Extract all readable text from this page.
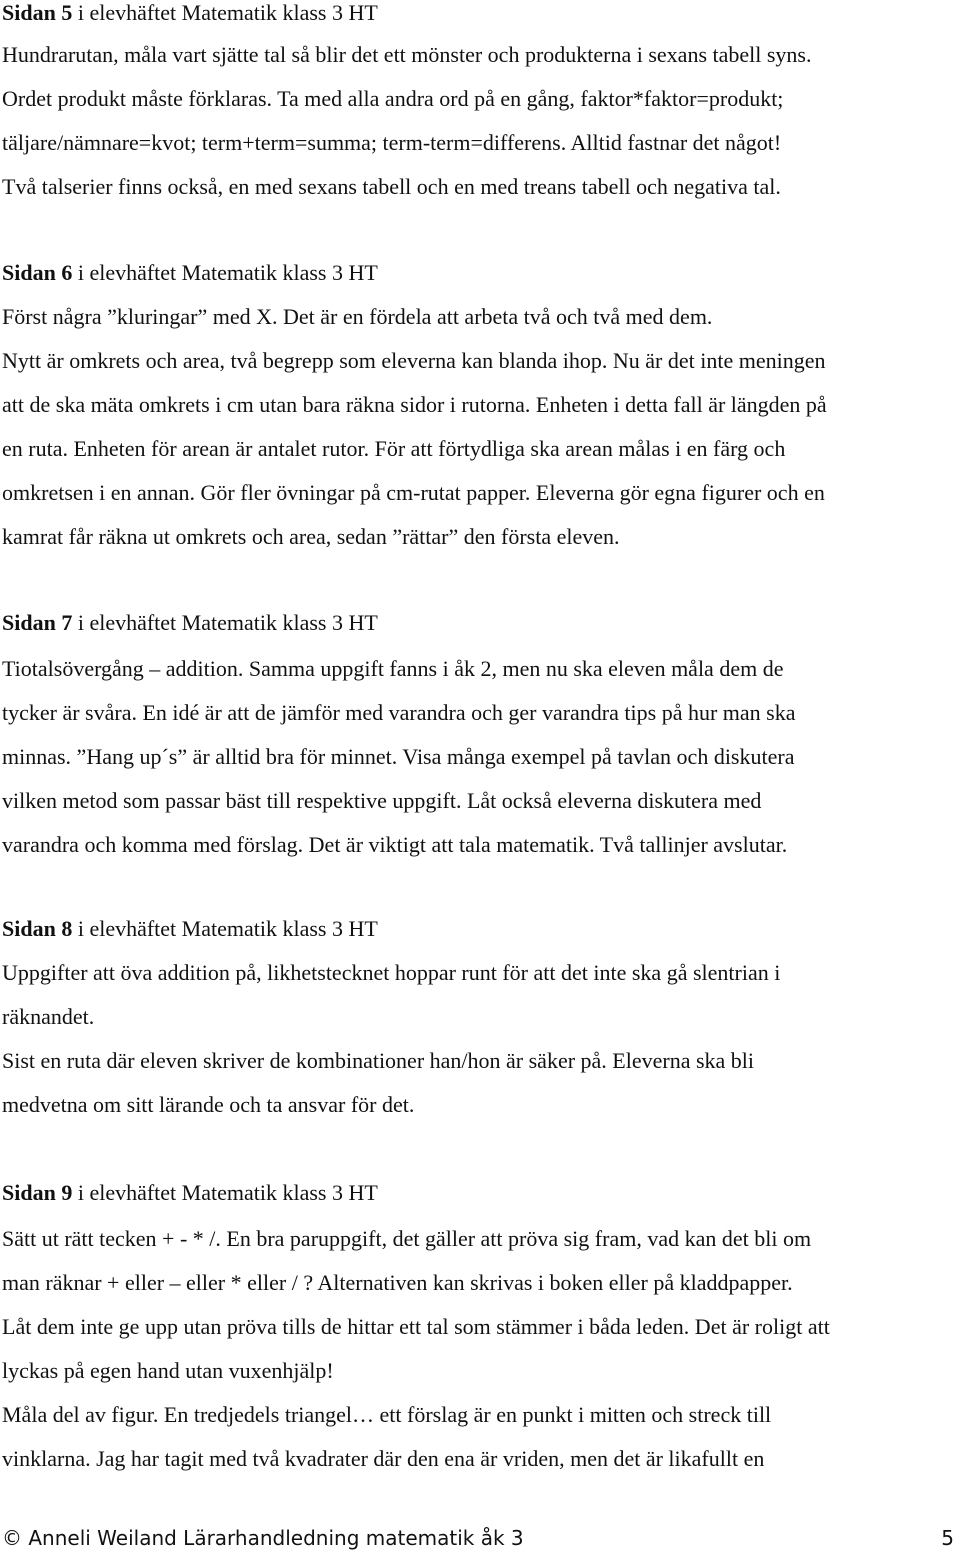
Sidan 5 i elevhäftet Matematik klass 3 HT
Hundrarutan, måla vart sjätte tal så blir det ett mönster och produkterna i sexans tabell syns.
Ordet produkt måste förklaras. Ta med alla andra ord på en gång, faktor*faktor=produkt;
täljare/nämnare=kvot; term+term=summa; term-term=differens. Alltid fastnar det något!
Två talserier finns också, en med sexans tabell och en med treans tabell och negativa tal.
Sidan 6 i elevhäftet Matematik klass 3 HT
Först några ”kluringar” med X. Det är en fördela att arbeta två och två med dem.
Nytt är omkrets och area, två begrepp som eleverna kan blanda ihop. Nu är det inte meningen
att de ska mäta omkrets i cm utan bara räkna sidor i rutorna. Enheten i detta fall är längden på
en ruta. Enheten för arean är antalet rutor. För att förtydliga ska arean målas i en färg och
omkretsen i en annan. Gör fler övningar på cm-rutat papper. Eleverna gör egna figurer och en
kamrat får räkna ut omkrets och area, sedan ”rättar” den första eleven.
Sidan 7 i elevhäftet Matematik klass 3 HT
Tiotalsövergång – addition. Samma uppgift fanns i åk 2, men nu ska eleven måla dem de
tycker är svåra. En idé är att de jämför med varandra och ger varandra tips på hur man ska
minnas. ”Hang up´s” är alltid bra för minnet. Visa många exempel på tavlan och diskutera
vilken metod som passar bäst till respektive uppgift. Låt också eleverna diskutera med
varandra och komma med förslag. Det är viktigt att tala matematik. Två tallinjer avslutar.
Sidan 8 i elevhäftet Matematik klass 3 HT
Uppgifter att öva addition på, likhetstecknet hoppar runt för att det inte ska gå slentrian i
räknandet.
Sist en ruta där eleven skriver de kombinationer han/hon är säker på. Eleverna ska bli
medvetna om sitt lärande och ta ansvar för det.
Sidan 9 i elevhäftet Matematik klass 3 HT
Sätt ut rätt tecken + - * /. En bra paruppgift, det gäller att pröva sig fram, vad kan det bli om
man räknar + eller – eller * eller / ? Alternativen kan skrivas i boken eller på kladdpapper.
Låt dem inte ge upp utan pröva tills de hittar ett tal som stämmer i båda leden. Det är roligt att
lyckas på egen hand utan vuxenhjälp!
Måla del av figur. En tredjedels triangel… ett förslag är en punkt i mitten och streck till
vinklarna. Jag har tagit med två kvadrater där den ena är vriden, men det är likafullt en
© Anneli Weiland Lärarhandledning matematik åk 3	5
